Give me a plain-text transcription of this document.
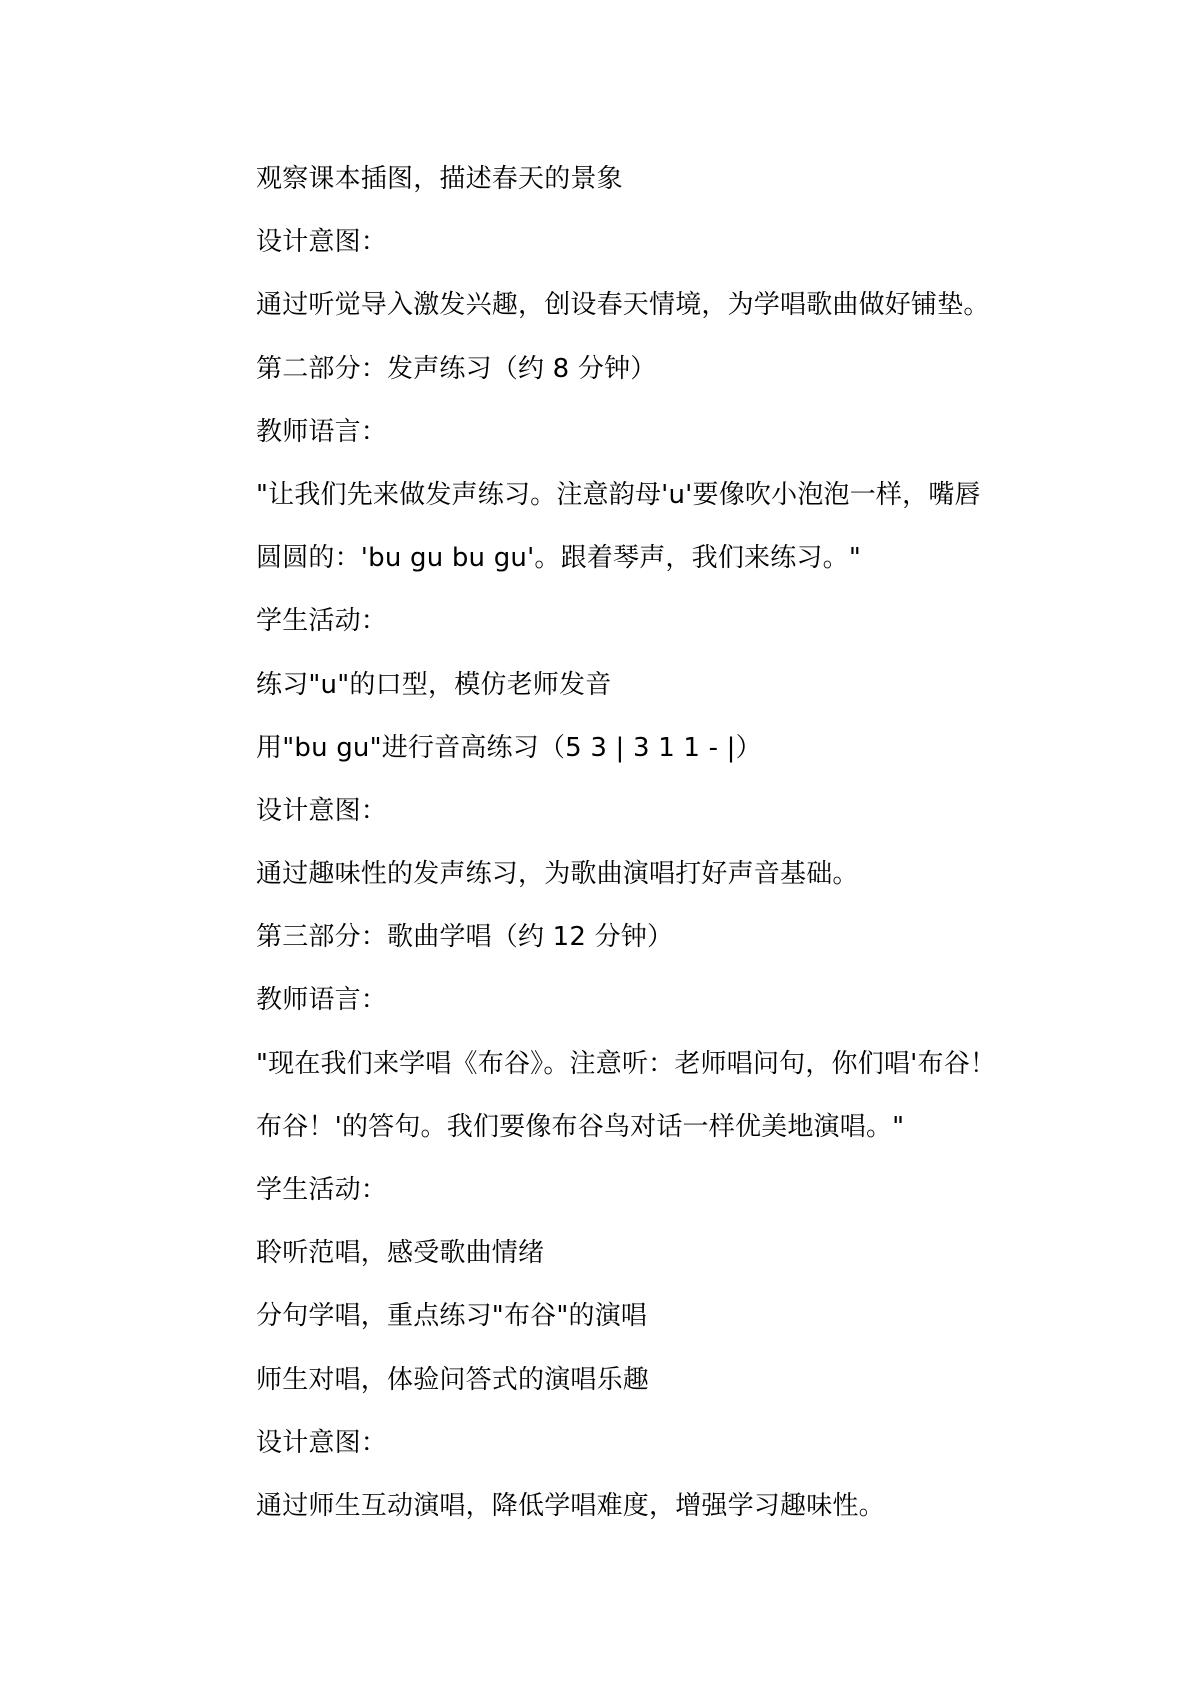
观察课本插图，描述春天的景象
设计意图：
通过听觉导入激发兴趣，创设春天情境，为学唱歌曲做好铺垫。
第二部分：发声练习（约 8 分钟）
教师语言：
"让我们先来做发声练习。注意韵母'u'要像吹小泡泡一样，嘴唇
圆圆的：'bu gu bu gu'。跟着琴声，我们来练习。"
学生活动：
练习"u"的口型，模仿老师发音
用"bu gu"进行音高练习（5 3 | 3 1 1 - |）
设计意图：
通过趣味性的发声练习，为歌曲演唱打好声音基础。
第三部分：歌曲学唱（约 12 分钟）
教师语言：
"现在我们来学唱《布谷》。注意听：老师唱问句，你们唱'布谷！
布谷！'的答句。我们要像布谷鸟对话一样优美地演唱。"
学生活动：
聆听范唱，感受歌曲情绪
分句学唱，重点练习"布谷"的演唱
师生对唱，体验问答式的演唱乐趣
设计意图：
通过师生互动演唱，降低学唱难度，增强学习趣味性。
